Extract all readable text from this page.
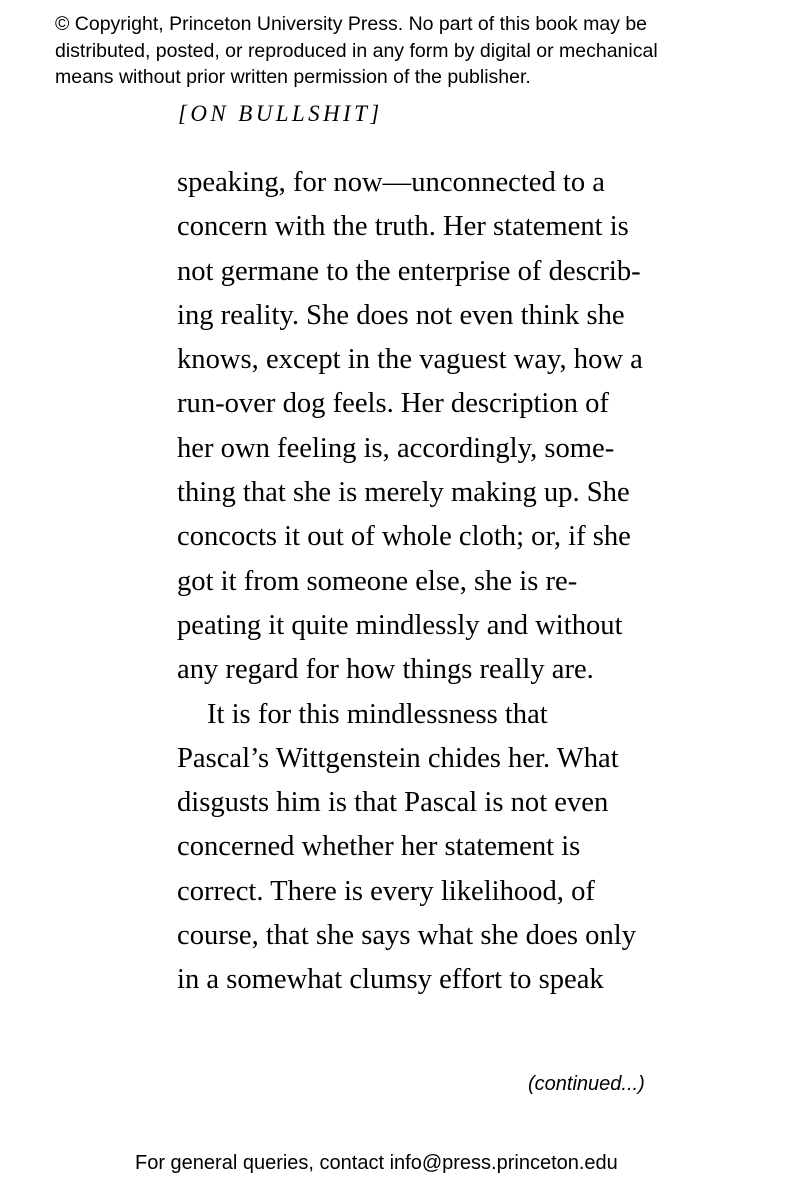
© Copyright, Princeton University Press. No part of this book may be
distributed, posted, or reproduced in any form by digital or mechanical
means without prior written permission of the publisher.
[ON BULLSHIT]
speaking, for now—unconnected to a
concern with the truth. Her statement is
not germane to the enterprise of describ-
ing reality. She does not even think she
knows, except in the vaguest way, how a
run-over dog feels. Her description of
her own feeling is, accordingly, some-
thing that she is merely making up. She
concocts it out of whole cloth; or, if she
got it from someone else, she is re-
peating it quite mindlessly and without
any regard for how things really are.
It is for this mindlessness that
Pascal’s Wittgenstein chides her. What
disgusts him is that Pascal is not even
concerned whether her statement is
correct. There is every likelihood, of
course, that she says what she does only
in a somewhat clumsy effort to speak
(continued...)
For general queries, contact info@press.princeton.edu
